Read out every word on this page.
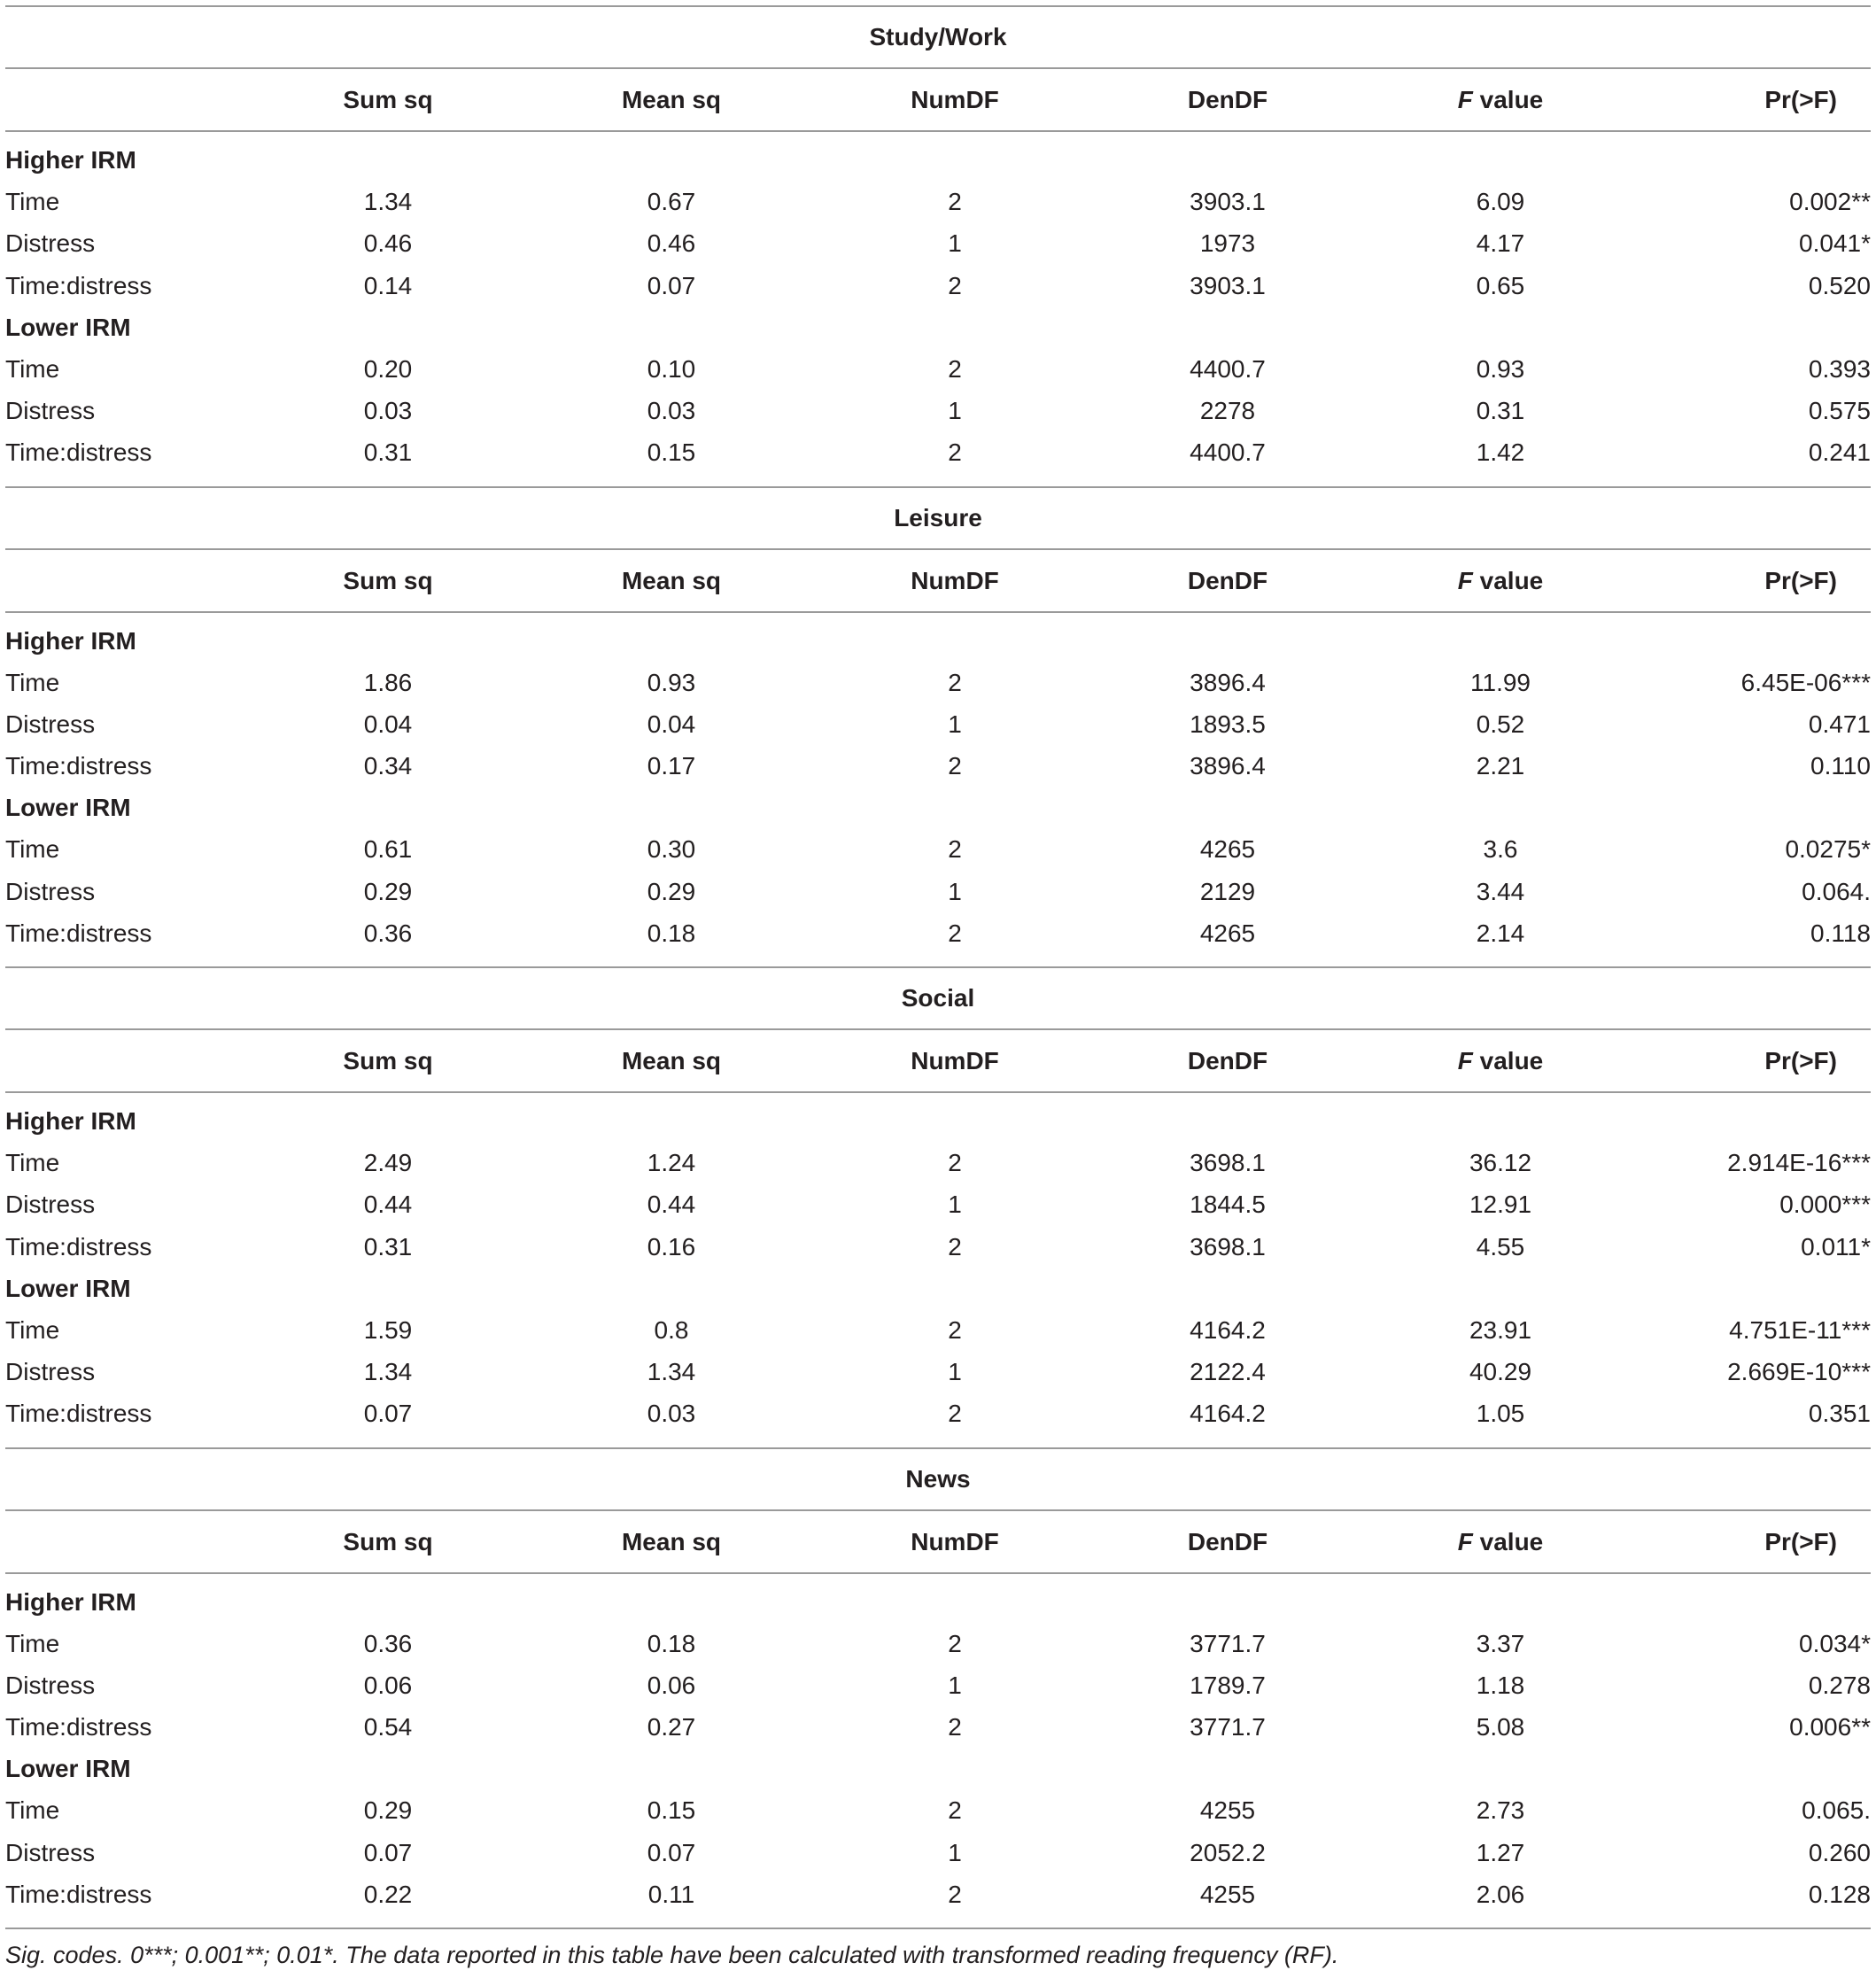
Study/Work
Sum sq	Mean sq	NumDF	DenDF	F value	Pr(>F)
Higher IRM
Time	1.34	0.67	2	3903.1	6.09	0.002**
Distress	0.46	0.46	1	1973	4.17	0.041*
Time:distress	0.14	0.07	2	3903.1	0.65	0.520
Lower IRM
Time	0.20	0.10	2	4400.7	0.93	0.393
Distress	0.03	0.03	1	2278	0.31	0.575
Time:distress	0.31	0.15	2	4400.7	1.42	0.241
Leisure
Sum sq	Mean sq	NumDF	DenDF	F value	Pr(>F)
Higher IRM
Time	1.86	0.93	2	3896.4	11.99	6.45E-06***
Distress	0.04	0.04	1	1893.5	0.52	0.471
Time:distress	0.34	0.17	2	3896.4	2.21	0.110
Lower IRM
Time	0.61	0.30	2	4265	3.6	0.0275*
Distress	0.29	0.29	1	2129	3.44	0.064.
Time:distress	0.36	0.18	2	4265	2.14	0.118
Social
Sum sq	Mean sq	NumDF	DenDF	F value	Pr(>F)
Higher IRM
Time	2.49	1.24	2	3698.1	36.12	2.914E-16***
Distress	0.44	0.44	1	1844.5	12.91	0.000***
Time:distress	0.31	0.16	2	3698.1	4.55	0.011*
Lower IRM
Time	1.59	0.8	2	4164.2	23.91	4.751E-11***
Distress	1.34	1.34	1	2122.4	40.29	2.669E-10***
Time:distress	0.07	0.03	2	4164.2	1.05	0.351
News
Sum sq	Mean sq	NumDF	DenDF	F value	Pr(>F)
Higher IRM
Time	0.36	0.18	2	3771.7	3.37	0.034*
Distress	0.06	0.06	1	1789.7	1.18	0.278
Time:distress	0.54	0.27	2	3771.7	5.08	0.006**
Lower IRM
Time	0.29	0.15	2	4255	2.73	0.065.
Distress	0.07	0.07	1	2052.2	1.27	0.260
Time:distress	0.22	0.11	2	4255	2.06	0.128
Sig. codes. 0***; 0.001**; 0.01*. The data reported in this table have been calculated with transformed reading frequency (RF).
